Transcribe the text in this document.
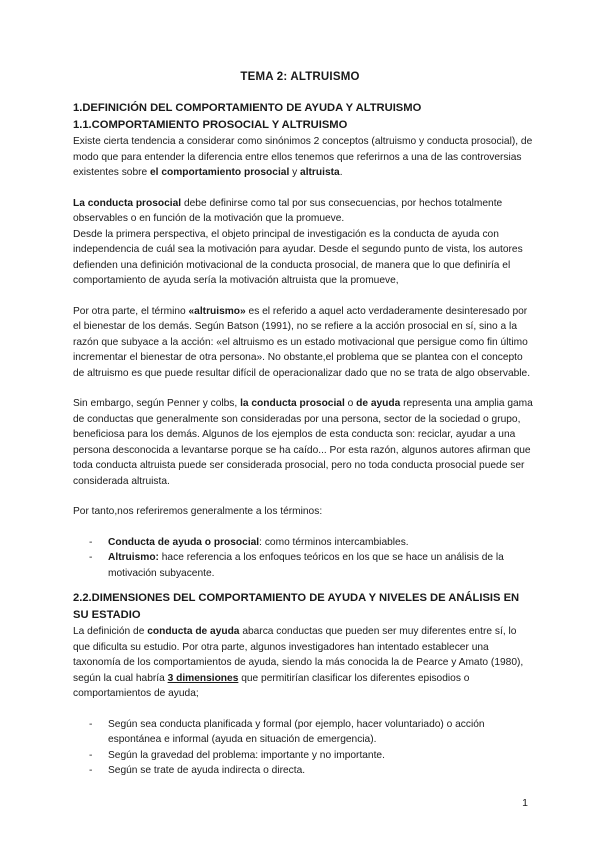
TEMA 2: ALTRUISMO
1.DEFINICIÓN DEL COMPORTAMIENTO DE AYUDA Y ALTRUISMO
1.1.COMPORTAMIENTO PROSOCIAL Y ALTRUISMO

Existe cierta tendencia a considerar como sinónimos 2 conceptos (altruismo y conducta prosocial), de modo que para entender la diferencia entre ellos tenemos que referirnos a una de las controversias existentes sobre el comportamiento prosocial y altruista.

La conducta prosocial debe definirse como tal por sus consecuencias, por hechos totalmente observables o en función de la motivación que la promueve.

Desde la primera perspectiva, el objeto principal de investigación es la conducta de ayuda con independencia de cuál sea la motivación para ayudar. Desde el segundo punto de vista, los autores defienden una definición motivacional de la conducta prosocial, de manera que lo que definiría el comportamiento de ayuda sería la motivación altruista que la promueve,

Por otra parte, el término «altruismo» es el referido a aquel acto verdaderamente desinteresado por el bienestar de los demás. Según Batson (1991), no se refiere a la acción prosocial en sí, sino a la razón que subyace a la acción: «el altruismo es un estado motivacional que persigue como fin último incrementar el bienestar de otra persona». No obstante,el problema que se plantea con el concepto de altruismo es que puede resultar difícil de operacionalizar dado que no se trata de algo observable.

Sin embargo, según Penner y colbs, la conducta prosocial o de ayuda representa una amplia gama de conductas que generalmente son consideradas por una persona, sector de la sociedad o grupo, beneficiosa para los demás. Algunos de los ejemplos de esta conducta son: reciclar, ayudar a una persona desconocida a levantarse porque se ha caído... Por esta razón, algunos autores afirman que toda conducta altruista puede ser considerada prosocial, pero no toda conducta prosocial puede ser considerada altruista.

Por tanto,nos referiremos generalmente a los términos:

- Conducta de ayuda o prosocial: como términos intercambiables.
- Altruismo: hace referencia a los enfoques teóricos en los que se hace un análisis de la motivación subyacente.
2.2.DIMENSIONES DEL COMPORTAMIENTO DE AYUDA Y NIVELES DE ANÁLISIS EN SU ESTADIO

La definición de conducta de ayuda abarca conductas que pueden ser muy diferentes entre sí, lo que dificulta su estudio. Por otra parte, algunos investigadores han intentado establecer una taxonomía de los comportamientos de ayuda, siendo la más conocida la de Pearce y Amato (1980), según la cual habría 3 dimensiones que permitirían clasificar los diferentes episodios o comportamientos de ayuda;

- Según sea conducta planificada y formal (por ejemplo, hacer voluntariado) o acción espontánea e informal (ayuda en situación de emergencia).
- Según la gravedad del problema: importante y no importante.
- Según se trate de ayuda indirecta o directa.
1
